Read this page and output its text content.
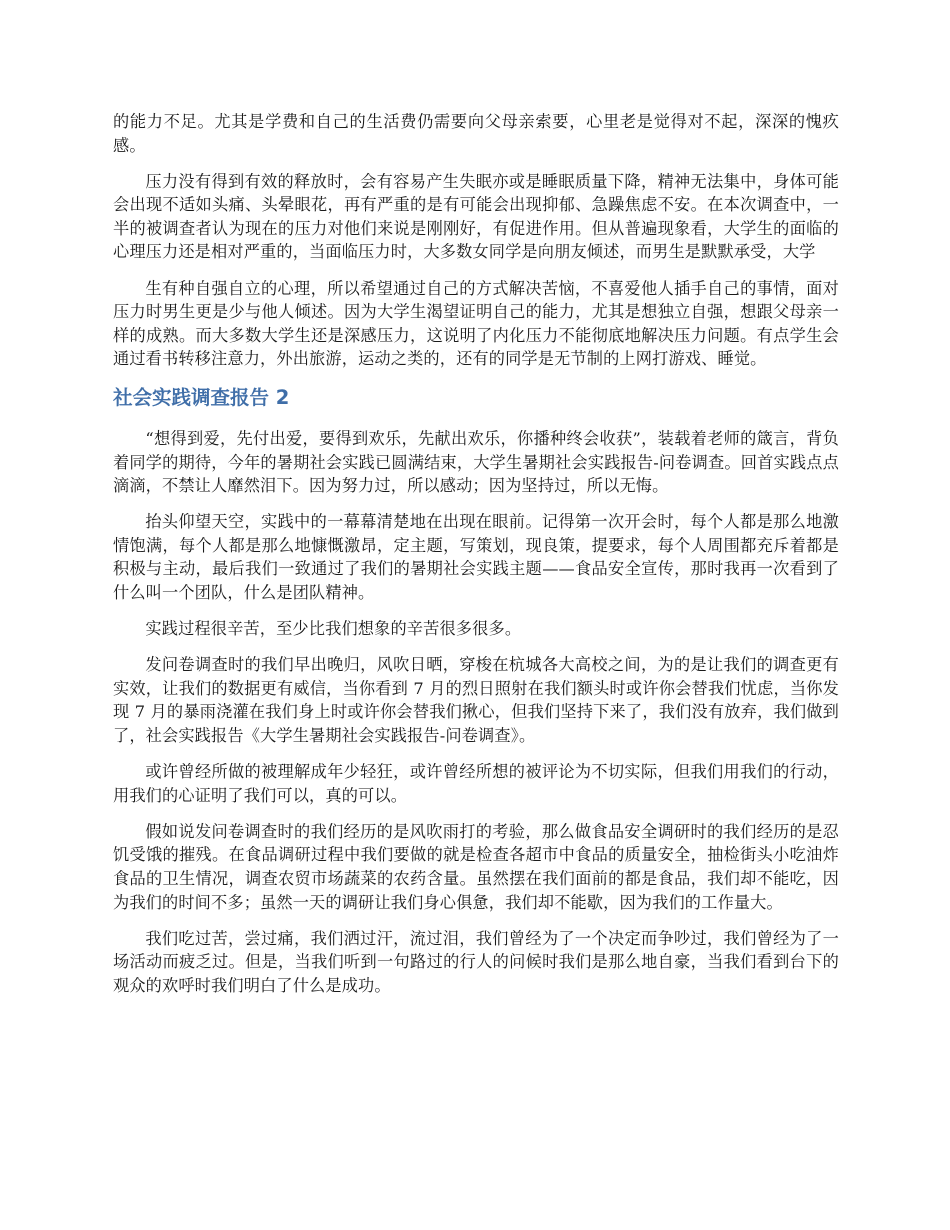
的能力不足。尤其是学费和自己的生活费仍需要向父母亲索要，心里老是觉得对不起，深深的愧疚感。

压力没有得到有效的释放时，会有容易产生失眠亦或是睡眠质量下降，精神无法集中，身体可能会出现不适如头痛、头晕眼花，再有严重的是有可能会出现抑郁、急躁焦虑不安。在本次调查中，一半的被调查者认为现在的压力对他们来说是刚刚好，有促进作用。但从普遍现象看，大学生的面临的心理压力还是相对严重的，当面临压力时，大多数女同学是向朋友倾述，而男生是默默承受，大学

生有种自强自立的心理，所以希望通过自己的方式解决苦恼，不喜爱他人插手自己的事情，面对压力时男生更是少与他人倾述。因为大学生渴望证明自己的能力，尤其是想独立自强，想跟父母亲一样的成熟。而大多数大学生还是深感压力，这说明了内化压力不能彻底地解决压力问题。有点学生会通过看书转移注意力，外出旅游，运动之类的，还有的同学是无节制的上网打游戏、睡觉。

社会实践调查报告 2

“想得到爱，先付出爱，要得到欢乐，先献出欢乐，你播种终会收获”，装载着老师的箴言，背负着同学的期待，今年的暑期社会实践已圆满结束，大学生暑期社会实践报告-问卷调查。回首实践点点滴滴，不禁让人靡然泪下。因为努力过，所以感动；因为坚持过，所以无悔。

抬头仰望天空，实践中的一幕幕清楚地在出现在眼前。记得第一次开会时，每个人都是那么地激情饱满，每个人都是那么地慷慨激昂，定主题，写策划，现良策，提要求，每个人周围都充斥着都是积极与主动，最后我们一致通过了我们的暑期社会实践主题——食品安全宣传，那时我再一次看到了什么叫一个团队，什么是团队精神。

实践过程很辛苦，至少比我们想象的辛苦很多很多。

发问卷调查时的我们早出晚归，风吹日晒，穿梭在杭城各大高校之间，为的是让我们的调查更有实效，让我们的数据更有威信，当你看到 7 月的烈日照射在我们额头时或许你会替我们忧虑，当你发现 7 月的暴雨浇灌在我们身上时或许你会替我们揪心，但我们坚持下来了，我们没有放弃，我们做到了，社会实践报告《大学生暑期社会实践报告-问卷调查》。

或许曾经所做的被理解成年少轻狂，或许曾经所想的被评论为不切实际，但我们用我们的行动，用我们的心证明了我们可以，真的可以。

假如说发问卷调查时的我们经历的是风吹雨打的考验，那么做食品安全调研时的我们经历的是忍饥受饿的摧残。在食品调研过程中我们要做的就是检查各超市中食品的质量安全，抽检街头小吃油炸食品的卫生情况，调查农贸市场蔬菜的农药含量。虽然摆在我们面前的都是食品，我们却不能吃，因为我们的时间不多；虽然一天的调研让我们身心俱惫，我们却不能歇，因为我们的工作量大。

我们吃过苦，尝过痛，我们洒过汗，流过泪，我们曾经为了一个决定而争吵过，我们曾经为了一场活动而疲乏过。但是，当我们听到一句路过的行人的问候时我们是那么地自豪，当我们看到台下的观众的欢呼时我们明白了什么是成功。
